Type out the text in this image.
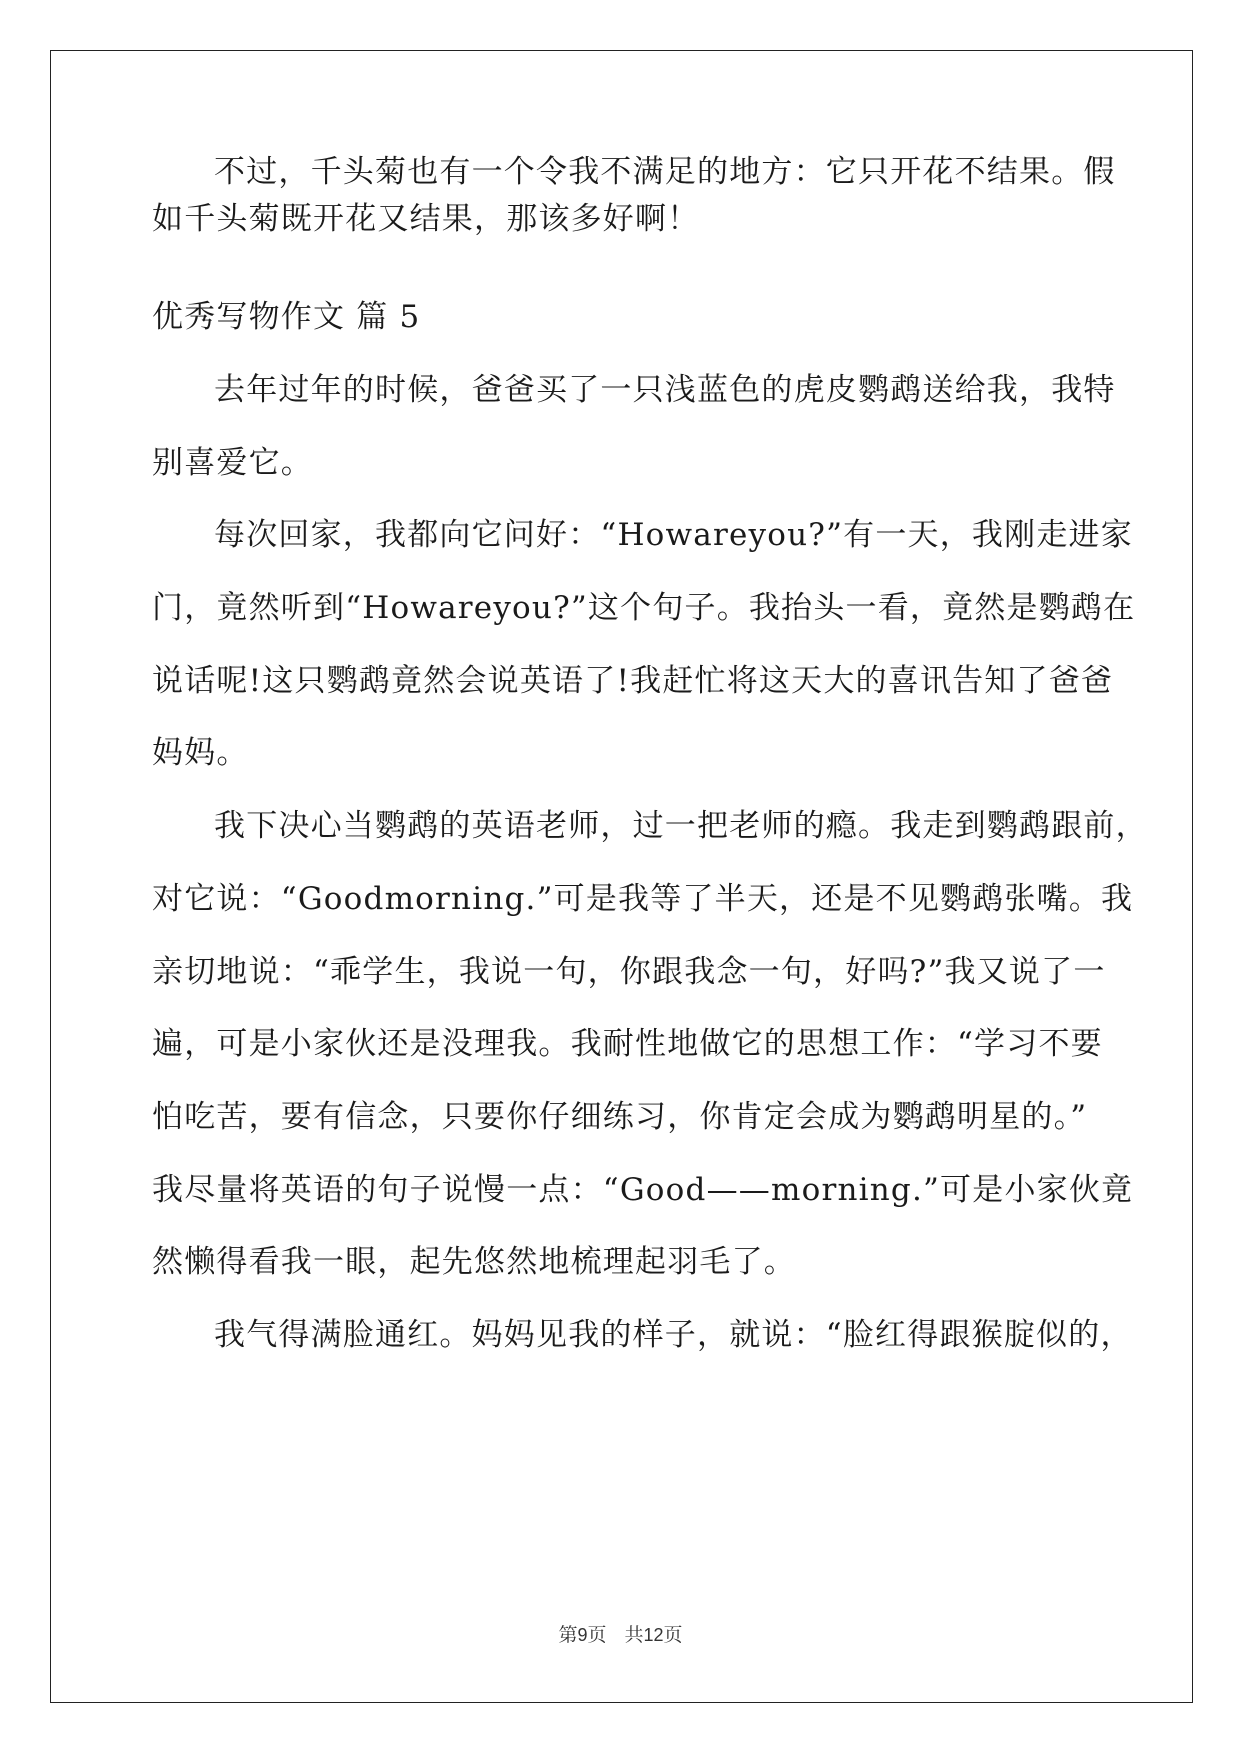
不过，千头菊也有一个令我不满足的地方：它只开花不结果。假
如千头菊既开花又结果，那该多好啊！
优秀写物作文 篇 5
去年过年的时候，爸爸买了一只浅蓝色的虎皮鹦鹉送给我，我特
别喜爱它。
每次回家，我都向它问好：“Howareyou?”有一天，我刚走进家
门，竟然听到“Howareyou?”这个句子。我抬头一看，竟然是鹦鹉在
说话呢!这只鹦鹉竟然会说英语了!我赶忙将这天大的喜讯告知了爸爸
妈妈。
我下决心当鹦鹉的英语老师，过一把老师的瘾。我走到鹦鹉跟前，
对它说：“Goodmorning.”可是我等了半天，还是不见鹦鹉张嘴。我
亲切地说：“乖学生，我说一句，你跟我念一句，好吗?”我又说了一
遍，可是小家伙还是没理我。我耐性地做它的思想工作：“学习不要
怕吃苦，要有信念，只要你仔细练习，你肯定会成为鹦鹉明星的。”
我尽量将英语的句子说慢一点：“Good——morning.”可是小家伙竟
然懒得看我一眼，起先悠然地梳理起羽毛了。
我气得满脸通红。妈妈见我的样子，就说：“脸红得跟猴腚似的，
第9页 共12页
